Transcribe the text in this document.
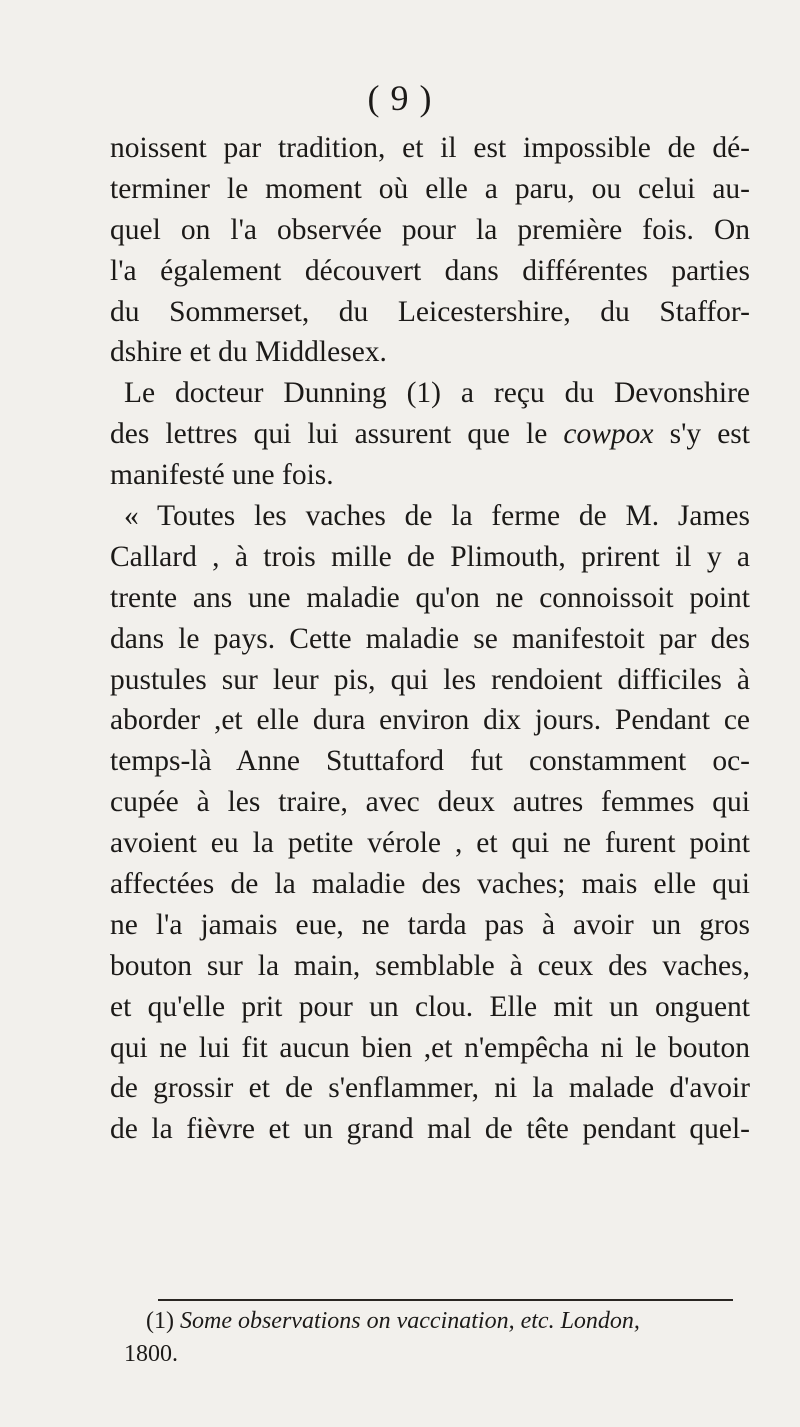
( 9 )
noissent par tradition, et il est impossible de dé-
terminer le moment où elle a paru, ou celui au-
quel on l'a observée pour la première fois. On
l'a également découvert dans différentes parties
du Sommerset, du Leicestershire, du Staffor-
dshire et du Middlesex.
Le docteur Dunning (1) a reçu du Devonshire
des lettres qui lui assurent que le cowpox s'y est
manifesté une fois.
« Toutes les vaches de la ferme de M. James
Callard , à trois mille de Plimouth, prirent il y a
trente ans une maladie qu'on ne connoissoit point
dans le pays. Cette maladie se manifestoit par des
pustules sur leur pis, qui les rendoient difficiles à
aborder ,et elle dura environ dix jours. Pendant ce
temps-là Anne Stuttaford fut constamment oc-
cupée à les traire, avec deux autres femmes qui
avoient eu la petite vérole , et qui ne furent point
affectées de la maladie des vaches; mais elle qui
ne l'a jamais eue, ne tarda pas à avoir un gros
bouton sur la main, semblable à ceux des vaches,
et qu'elle prit pour un clou. Elle mit un onguent
qui ne lui fit aucun bien ,et n'empêcha ni le bouton
de grossir et de s'enflammer, ni la malade d'avoir
de la fièvre et un grand mal de tête pendant quel-
(1) Some observations on vaccination, etc. London,
1800.
